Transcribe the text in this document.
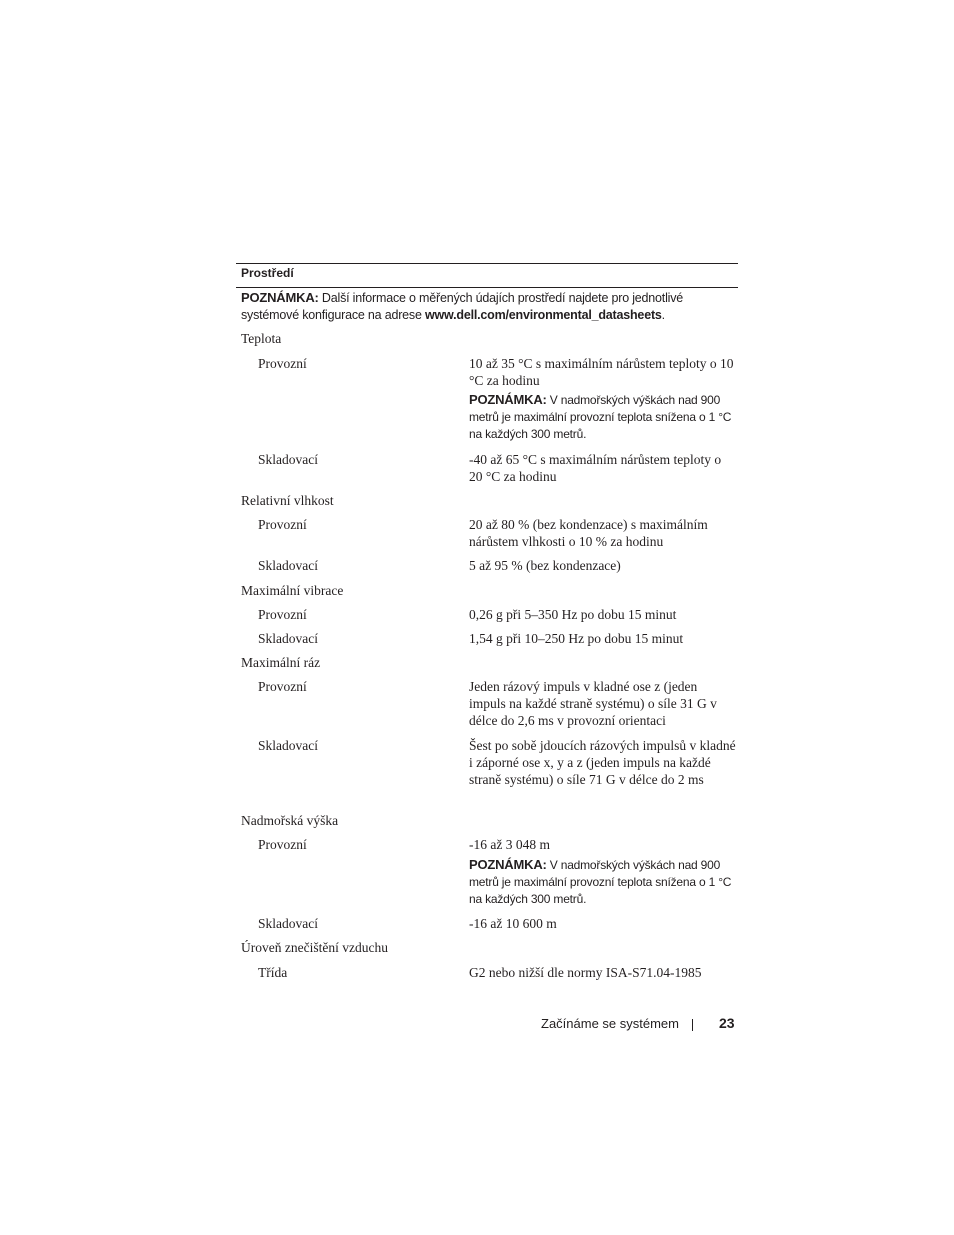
Prostředí
POZNÁMKA: Další informace o měřených údajích prostředí najdete pro jednotlivé systémové konfigurace na adrese www.dell.com/environmental_datasheets.
Teplota
Provozní	10 až 35 °C s maximálním nárůstem teploty o 10 °C za hodinu
POZNÁMKA: V nadmořských výškách nad 900 metrů je maximální provozní teplota snížena o 1 °C na každých 300 metrů.
Skladovací	-40 až 65 °C s maximálním nárůstem teploty o 20 °C za hodinu
Relativní vlhkost
Provozní	20 až 80 % (bez kondenzace) s maximálním nárůstem vlhkosti o 10 % za hodinu
Skladovací	5 až 95 % (bez kondenzace)
Maximální vibrace
Provozní	0,26 g při 5–350 Hz po dobu 15 minut
Skladovací	1,54 g při 10–250 Hz po dobu 15 minut
Maximální ráz
Provozní	Jeden rázový impuls v kladné ose z (jeden impuls na každé straně systému) o síle 31 G v délce do 2,6 ms v provozní orientaci
Skladovací	Šest po sobě jdoucích rázových impulsů v kladné i záporné ose x, y a z (jeden impuls na každé straně systému) o síle 71 G v délce do 2 ms
Nadmořská výška
Provozní	-16 až 3 048 m
POZNÁMKA: V nadmořských výškách nad 900 metrů je maximální provozní teplota snížena o 1 °C na každých 300 metrů.
Skladovací	-16 až 10 600 m
Úroveň znečištění vzduchu
Třída	G2 nebo nižší dle normy ISA-S71.04-1985
Začínáme se systémem	23
